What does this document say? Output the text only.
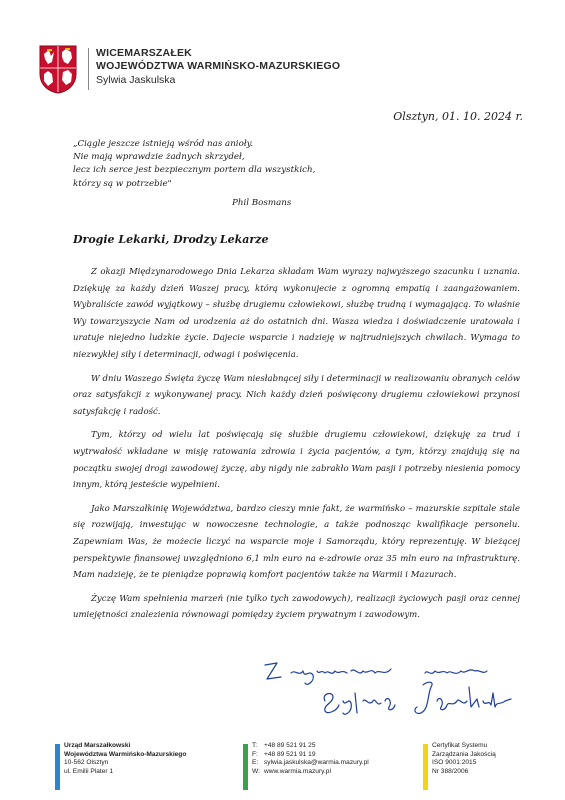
WICEMARSZAŁEK
WOJEWÓDZTWA WARMIŃSKO-MAZURSKIEGO
Sylwia Jaskulska
Olsztyn, 01. 10. 2024 r.
„Ciągle jeszcze istnieją wśród nas anioły.
Nie mają wprawdzie żadnych skrzydeł,
lecz ich serce jest bezpiecznym portem dla wszystkich,
którzy są w potrzebie"
Phil Bosmans
Drogie Lekarki, Drodzy Lekarze

Z okazji Międzynarodowego Dnia Lekarza składam Wam wyrazy najwyższego szacunku i uznania. Dziękuję za każdy dzień Waszej pracy, którą wykonujecie z ogromną empatią i zaangażowaniem. Wybraliście zawód wyjątkowy – służbę drugiemu człowiekowi, służbę trudną i wymagającą. To właśnie Wy towarzyszycie Nam od urodzenia aż do ostatnich dni. Wasza wiedza i doświadczenie uratowała i uratuje niejedno ludzkie życie. Dajecie wsparcie i nadzieję w najtrudniejszych chwilach. Wymaga to niezwykłej siły i determinacji, odwagi i poświęcenia.

W dniu Waszego Święta życzę Wam niesłabnącej siły i determinacji w realizowaniu obranych celów oraz satysfakcji z wykonywanej pracy. Nich każdy dzień poświęcony drugiemu człowiekowi przynosi satysfakcję i radość.

Tym, którzy od wielu lat poświęcają się służbie drugiemu człowiekowi, dziękuję za trud i wytrwałość wkładane w misję ratowania zdrowia i życia pacjentów, a tym, którzy znajdują się na początku swojej drogi zawodowej życzę, aby nigdy nie zabrakło Wam pasji i potrzeby niesienia pomocy innym, którą jesteście wypełnieni.

Jako Marszałkinię Województwa, bardzo cieszy mnie fakt, że warmińsko – mazurskie szpitale stale się rozwijają, inwestując w nowoczesne technologie, a także podnosząc kwalifikacje personelu. Zapewniam Was, że możecie liczyć na wsparcie moje i Samorządu, który reprezentuję. W bieżącej perspektywie finansowej uwzględniono 6,1 mln euro na e-zdrowie oraz 35 mln euro na infrastrukturę. Mam nadzieję, że te pieniądze poprawią komfort pacjentów także na Warmii i Mazurach.

Życzę Wam spełnienia marzeń (nie tylko tych zawodowych), realizacji życiowych pasji oraz cennej umiejętności znalezienia równowagi pomiędzy życiem prywatnym i zawodowym.

Urząd Marszałkowski
Województwa Warmińsko-Mazurskiego
10-562 Olsztyn
ul. Emilii Plater 1
T:	+48 89 521 91 25
F: +48 89 521 91 19
E: sylwia.jaskulska@warmia.mazury.pl
W: www.warmia.mazury.pl
Certyfikat Systemu
Zarządzania Jakością
ISO 9001:2015
Nr 388/2006
